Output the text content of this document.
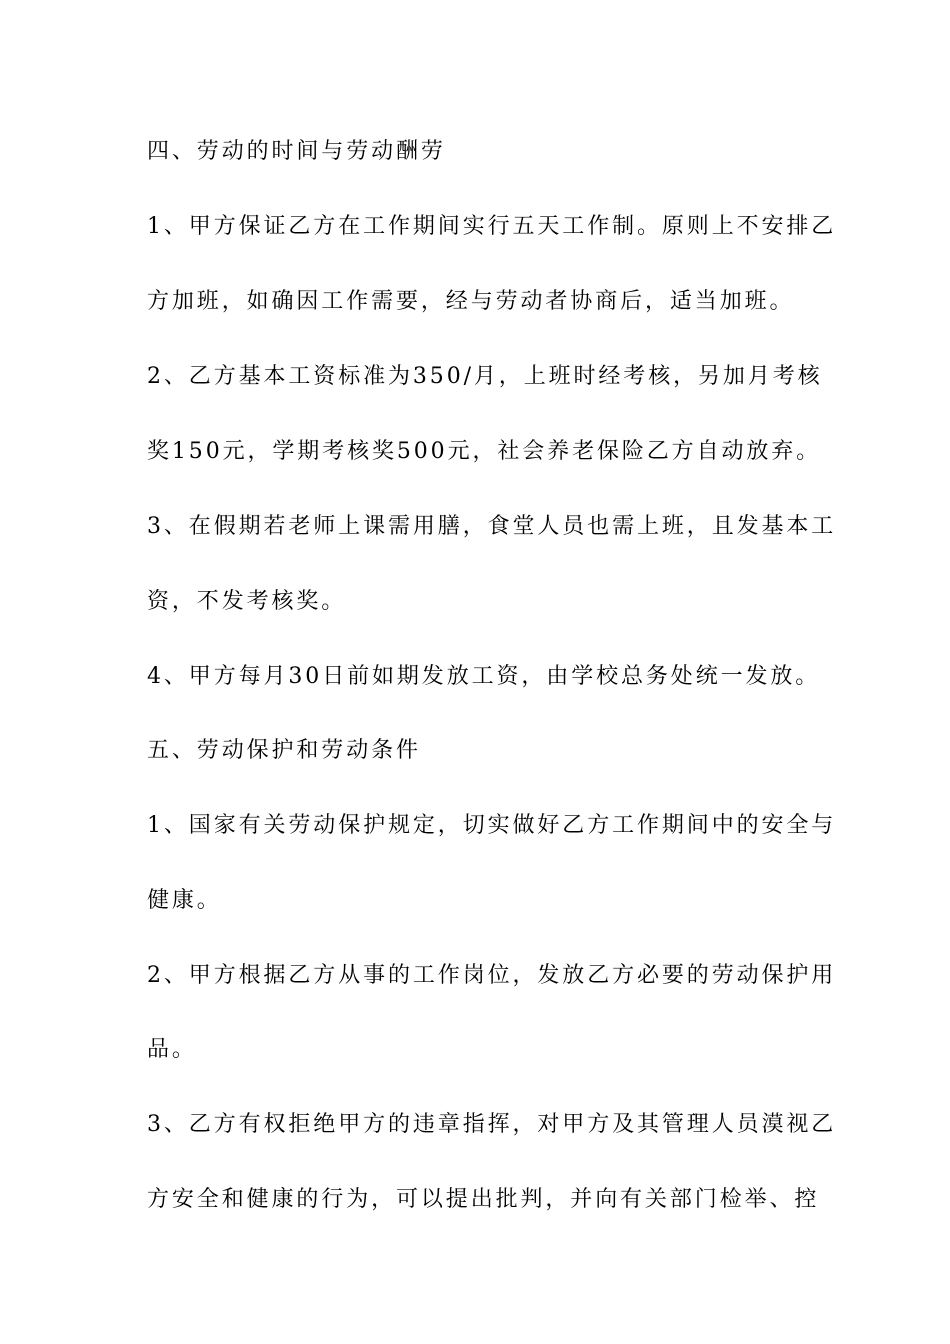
四、劳动的时间与劳动酬劳
1、甲方保证乙方在工作期间实行五天工作制。原则上不安排乙
方加班，如确因工作需要，经与劳动者协商后，适当加班。
2、乙方基本工资标准为350/月，上班时经考核，另加月考核
奖150元，学期考核奖500元，社会养老保险乙方自动放弃。
3、在假期若老师上课需用膳，食堂人员也需上班，且发基本工
资，不发考核奖。
4、甲方每月30日前如期发放工资，由学校总务处统一发放。
五、劳动保护和劳动条件
1、国家有关劳动保护规定，切实做好乙方工作期间中的安全与
健康。
2、甲方根据乙方从事的工作岗位，发放乙方必要的劳动保护用
品。
3、乙方有权拒绝甲方的违章指挥，对甲方及其管理人员漠视乙
方安全和健康的行为，可以提出批判，并向有关部门检举、控
